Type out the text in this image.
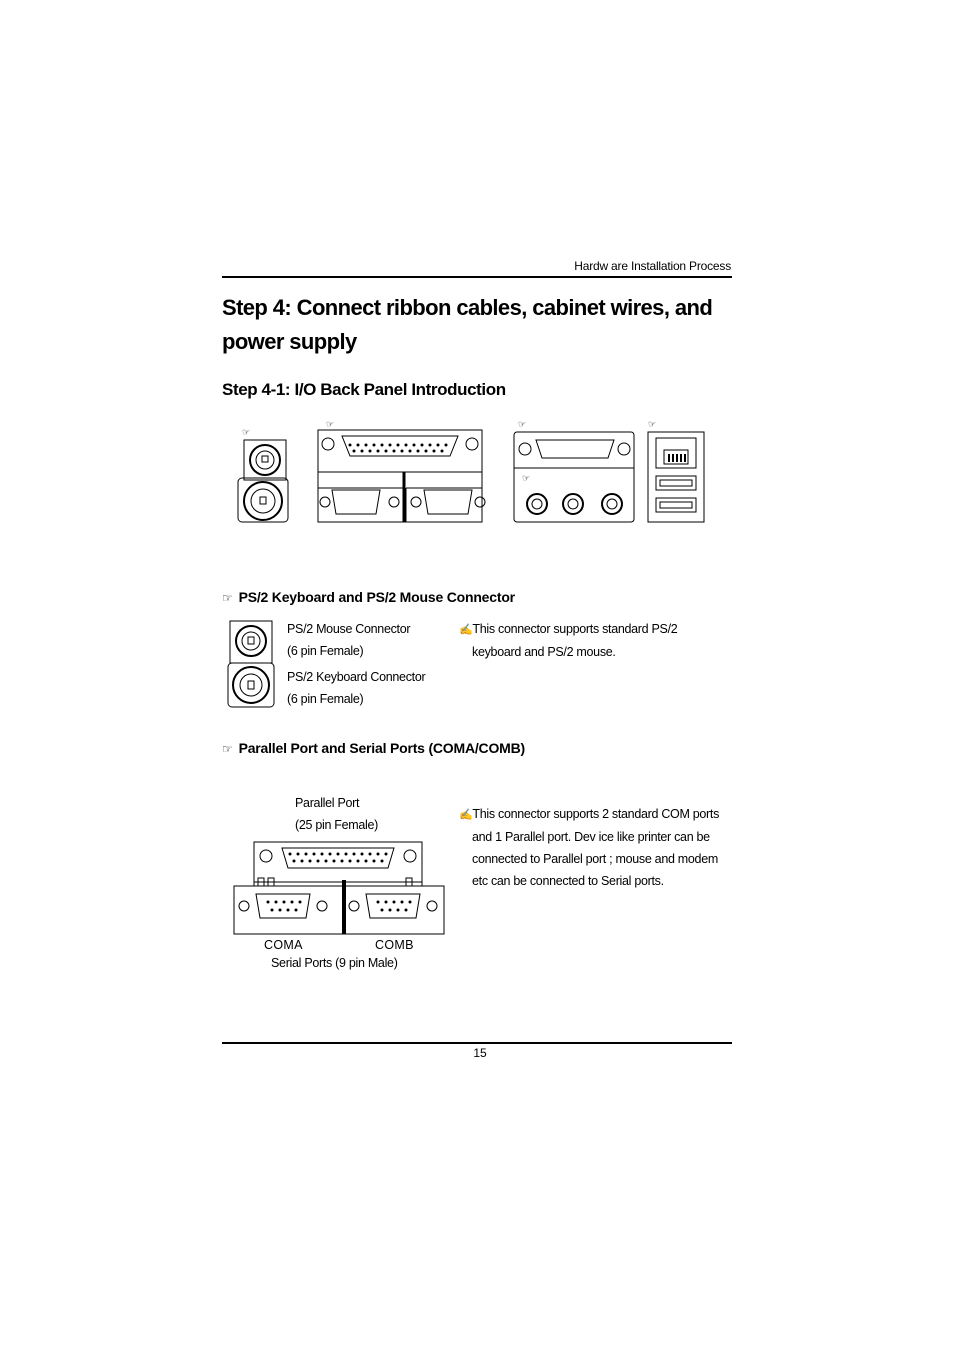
Hardw are Installation Process
Step 4: Connect ribbon cables, cabinet wires, and power supply
Step 4-1: I/O Back Panel Introduction
☞
☞	☞	☞
☞
☞ PS/2 Keyboard and PS/2 Mouse Connector
PS/2 Mouse Connector
(6 pin Female)
PS/2 Keyboard Connector
(6 pin Female)
✍This connector supports standard PS/2
keyboard and PS/2 mouse.
☞ Parallel Port and Serial Ports (COMA/COMB)
Parallel Port
(25 pin Female)
COMA	COMB
Serial Ports (9 pin Male)
✍This connector supports 2 standard COM ports
and 1 Parallel port. Dev ice like printer can be
connected to Parallel port ; mouse and modem
etc can be connected to Serial ports.
15
